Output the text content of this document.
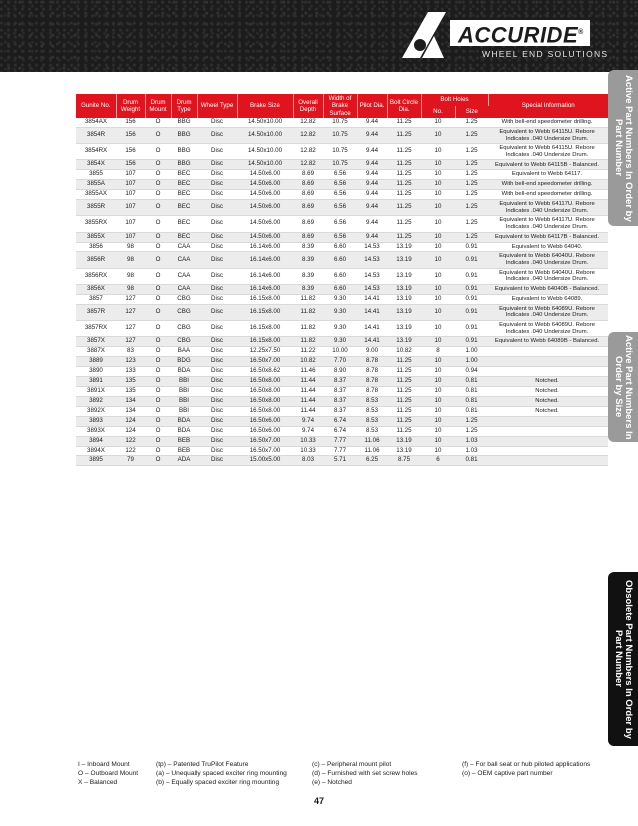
ACCURIDE®
WHEEL END SOLUTIONS
Gunite No.	Drum Weight	Drum Mount	Drum Type	Wheel Type	Brake Size	Overall Depth	Width of Brake Surface	Pilot Dia.	Bolt Circle Dia.	Bolt Holes		Special Information
										No.	Size	
3854AX	156	O	BBG	Disc	14.50x10.00	12.82	10.75	9.44	11.25	10	1.25	With bell-end speedometer drilling.
3854R	156	O	BBG	Disc	14.50x10.00	12.82	10.75	9.44	11.25	10	1.25	Equivalent to Webb 64115U. Rebore Indicates .040 Undersize Drum.
3854RX	156	O	BBG	Disc	14.50x10.00	12.82	10.75	9.44	11.25	10	1.25	Equivalent to Webb 64115U. Rebore Indicates .040 Undersize Drum.
3854X	156	O	BBG	Disc	14.50x10.00	12.82	10.75	9.44	11.25	10	1.25	Equivalent to Webb 64115B - Balanced.
3855	107	O	BEC	Disc	14.50x6.00	8.69	6.56	9.44	11.25	10	1.25	Equivalent to Webb 64117.
3855A	107	O	BEC	Disc	14.50x6.00	8.69	6.56	9.44	11.25	10	1.25	With bell-end speedometer drilling.
3855AX	107	O	BEC	Disc	14.50x6.00	8.69	6.56	9.44	11.25	10	1.25	With bell-end speedometer drilling.
3855R	107	O	BEC	Disc	14.50x6.00	8.69	6.56	9.44	11.25	10	1.25	Equivalent to Webb 64117U. Rebore Indicates .040 Undersize Drum.
3855RX	107	O	BEC	Disc	14.50x6.00	8.69	6.56	9.44	11.25	10	1.25	Equivalent to Webb 64117U. Rebore Indicates .040 Undersize Drum.
3855X	107	O	BEC	Disc	14.50x6.00	8.69	6.56	9.44	11.25	10	1.25	Equivalent to Webb 64117B - Balanced.
3856	98	O	CAA	Disc	16.14x6.00	8.39	6.60	14.53	13.19	10	0.91	Equivalent to Webb 64040.
3856R	98	O	CAA	Disc	16.14x6.00	8.39	6.60	14.53	13.19	10	0.91	Equivalent to Webb 64040U. Rebore Indicates .040 Undersize Drum.
3856RX	98	O	CAA	Disc	16.14x6.00	8.39	6.60	14.53	13.19	10	0.91	Equivalent to Webb 64040U. Rebore Indicates .040 Undersize Drum.
3856X	98	O	CAA	Disc	16.14x6.00	8.39	6.60	14.53	13.19	10	0.91	Equivalent to Webb 64040B - Balanced.
3857	127	O	CBG	Disc	16.15x8.00	11.82	9.30	14.41	13.19	10	0.91	Equivalent to Webb 64089.
3857R	127	O	CBG	Disc	16.15x8.00	11.82	9.30	14.41	13.19	10	0.91	Equivalent to Webb 64089U. Rebore Indicates .040 Undersize Drum.
3857RX	127	O	CBG	Disc	16.15x8.00	11.82	9.30	14.41	13.19	10	0.91	Equivalent to Webb 64089U. Rebore Indicates .040 Undersize Drum.
3857X	127	O	CBG	Disc	16.15x8.00	11.82	9.30	14.41	13.19	10	0.91	Equivalent to Webb 64089B - Balanced.
3887X	83	O	BAA	Disc	12.25x7.50	11.22	10.00	9.00	10.82	8	1.00	
3889	123	O	BDG	Disc	16.50x7.00	10.82	7.70	8.78	11.25	10	1.00	
3890	133	O	BDA	Disc	16.50x8.62	11.46	8.90	8.78	11.25	10	0.94	
3891	135	O	BBI	Disc	16.50x8.00	11.44	8.37	8.78	11.25	10	0.81	Notched.
3891X	135	O	BBI	Disc	16.50x8.00	11.44	8.37	8.78	11.25	10	0.81	Notched.
3892	134	O	BBI	Disc	16.50x8.00	11.44	8.37	8.53	11.25	10	0.81	Notched.
3892X	134	O	BBI	Disc	16.50x8.00	11.44	8.37	8.53	11.25	10	0.81	Notched.
3893	124	O	BDA	Disc	16.50x6.00	9.74	6.74	8.53	11.25	10	1.25	
3893X	124	O	BDA	Disc	16.50x6.00	9.74	6.74	8.53	11.25	10	1.25	
3894	122	O	BEB	Disc	16.50x7.00	10.33	7.77	11.06	13.19	10	1.03	
3894X	122	O	BEB	Disc	16.50x7.00	10.33	7.77	11.06	13.19	10	1.03	
3895	79	O	ADA	Disc	15.00x5.00	8.03	5.71	6.25	8.75	6	0.81	
Active Part Numbers In Order by Part Number
Active Part Numbers In Order by Size
Obsolete Part Numbers In Order by Part Number
I – Inboard Mount
O – Outboard Mount
X – Balanced
(tp) – Patented TruPilot Feature
(a) – Unequally spaced exciter ring mounting
(b) – Equally spaced exciter ring mounting
(c) – Peripheral mount pilot
(d) – Furnished with set screw holes
(e) – Notched
(f) – For ball seat or hub piloted applications
(o) – OEM captive part number
47
